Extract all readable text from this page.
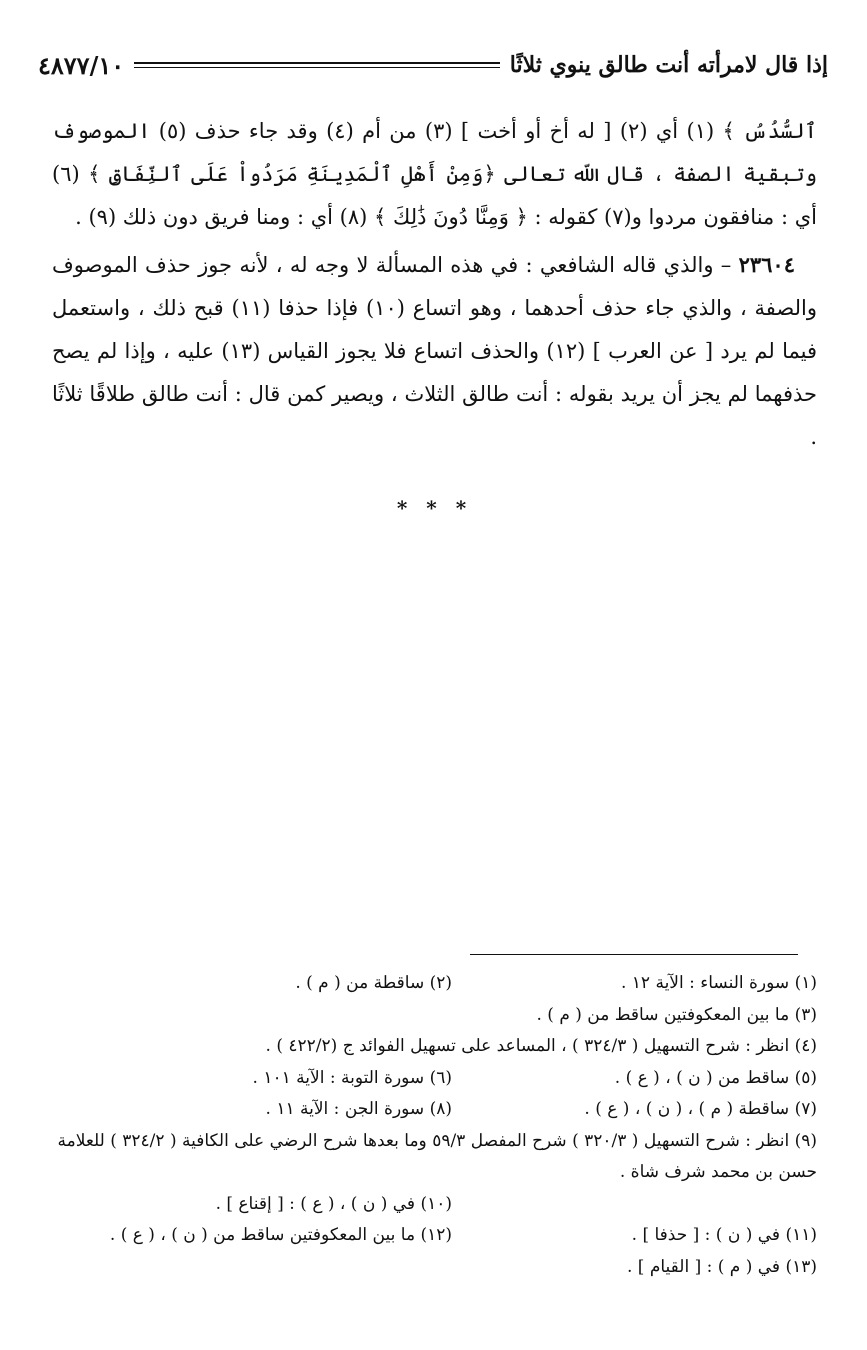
إذا قال لامرأته أنت طالق ينوي ثلاثًا
٤٨٧٧/١٠

ٱلسُّدُسُ ﴾ (١) أي (٢) [ له أخ أو أخت ] (٣) من أم (٤) وقد جاء حذف (٥) الموصوف وتبقية الصفة ، قال اللّه تعالى ﴿وَمِنْ أَهْلِ ٱلْمَدِينَةِ مَرَدُواْ عَلَى ٱلنِّفَاقِ ﴾ (٦) أي : منافقون مردوا و(٧) كقوله : ﴿ وَمِنَّا دُونَ ذَٰلِكَ ﴾ (٨) أي : ومنا فريق دون ذلك (٩) .

٢٣٦٠٤ – والذي قاله الشافعي : في هذه المسألة لا وجه له ، لأنه جوز حذف الموصوف والصفة ، والذي جاء حذف أحدهما ، وهو اتساع (١٠) فإذا حذفا (١١) قبح ذلك ، واستعمل فيما لم يرد [ عن العرب ] (١٢) والحذف اتساع فلا يجوز القياس (١٣) عليه ، وإذا لم يصح حذفهما لم يجز أن يريد بقوله : أنت طالق الثلاث ، ويصير كمن قال : أنت طالق طلاقًا ثلاثًا .

* * *
(١) سورة النساء : الآية ١٢ .
(٢) ساقطة من ( م ) .
(٣) ما بين المعكوفتين ساقط من ( م ) .
(٤) انظر : شرح التسهيل ( ٣٢٤/٣ ) ، المساعد على تسهيل الفوائد ج (٤٢٢/٢ ) .
(٥) ساقط من ( ن ) ، ( ع ) .
(٦) سورة التوبة : الآية ١٠١ .
(٧) ساقطة ( م ) ، ( ن ) ، ( ع ) .
(٨) سورة الجن : الآية ١١ .
(٩) انظر : شرح التسهيل ( ٣٢٠/٣ ) شرح المفصل ٥٩/٣ وما بعدها شرح الرضي على الكافية ( ٣٢٤/٢ ) للعلامة حسن بن محمد شرف شاة .
(١٠) في ( ن ) ، ( ع ) : [ إقناع ] .
(١١) في ( ن ) : [ حذفا ] .
(١٢) ما بين المعكوفتين ساقط من ( ن ) ، ( ع ) .
(١٣) في ( م ) : [ القيام ] .
